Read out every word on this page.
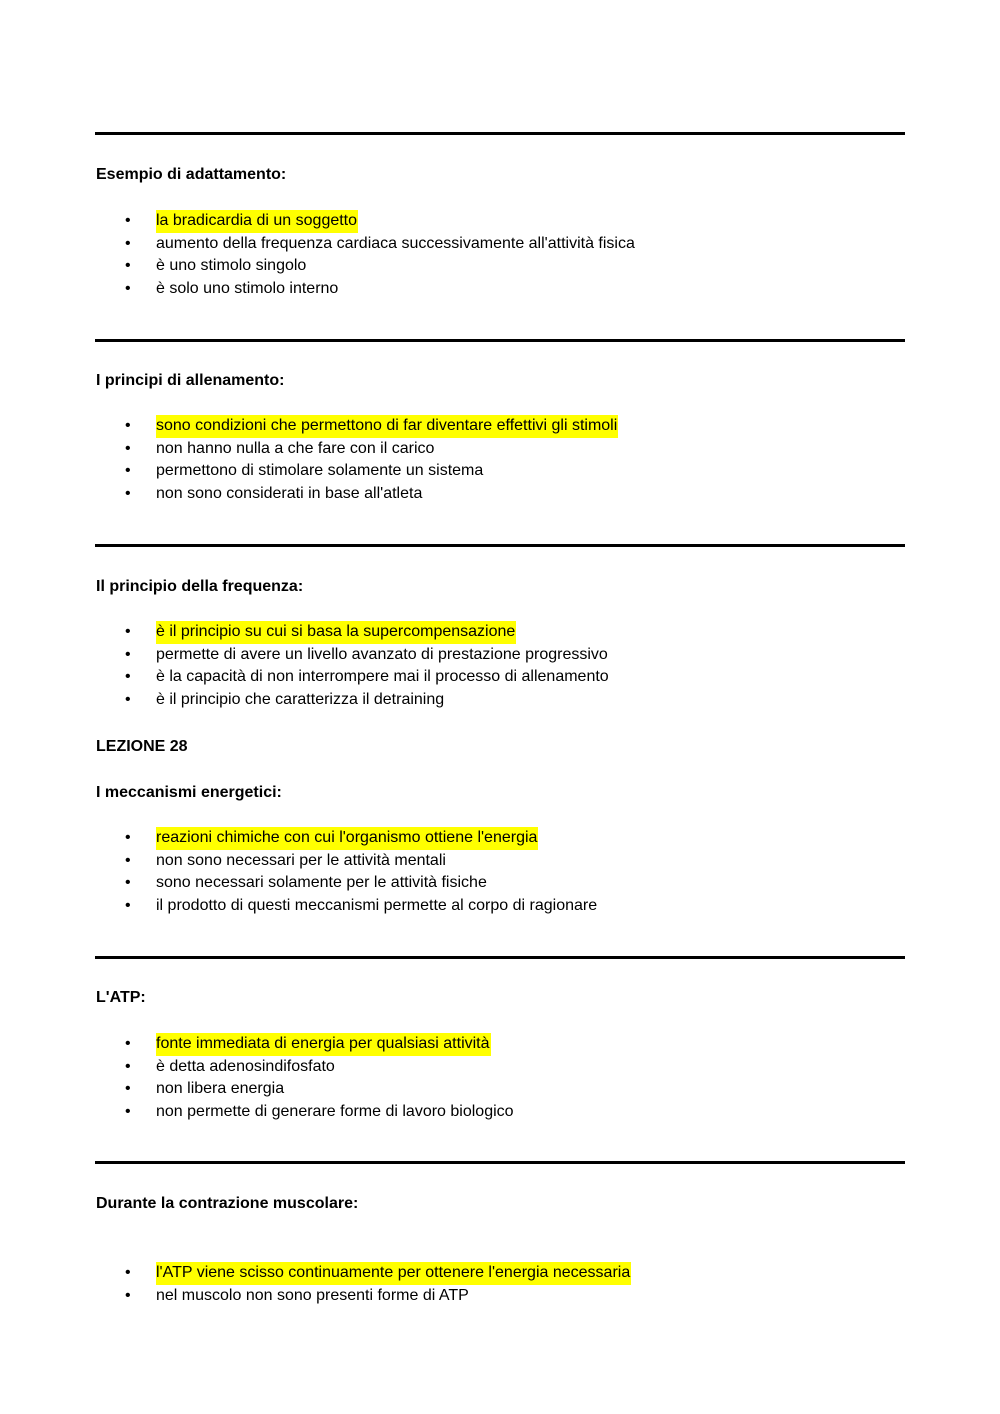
Esempio di adattamento:
• la bradicardia di un soggetto
• aumento della frequenza cardiaca successivamente all'attività fisica
• è uno stimolo singolo
• è solo uno stimolo interno
I principi di allenamento:
• sono condizioni che permettono di far diventare effettivi gli stimoli
• non hanno nulla a che fare con il carico
• permettono di stimolare solamente un sistema
• non sono considerati in base all'atleta
Il principio della frequenza:
• è il principio su cui si basa la supercompensazione
• permette di avere un livello avanzato di prestazione progressivo
• è la capacità di non interrompere mai il processo di allenamento
• è il principio che caratterizza il detraining
LEZIONE 28
I meccanismi energetici:
• reazioni chimiche con cui l'organismo ottiene l'energia
• non sono necessari per le attività mentali
• sono necessari solamente per le attività fisiche
• il prodotto di questi meccanismi permette al corpo di ragionare
L'ATP:
• fonte immediata di energia per qualsiasi attività
• è detta adenosindifosfato
• non libera energia
• non permette di generare forme di lavoro biologico
Durante la contrazione muscolare:
• l'ATP viene scisso continuamente per ottenere l'energia necessaria
• nel muscolo non sono presenti forme di ATP
